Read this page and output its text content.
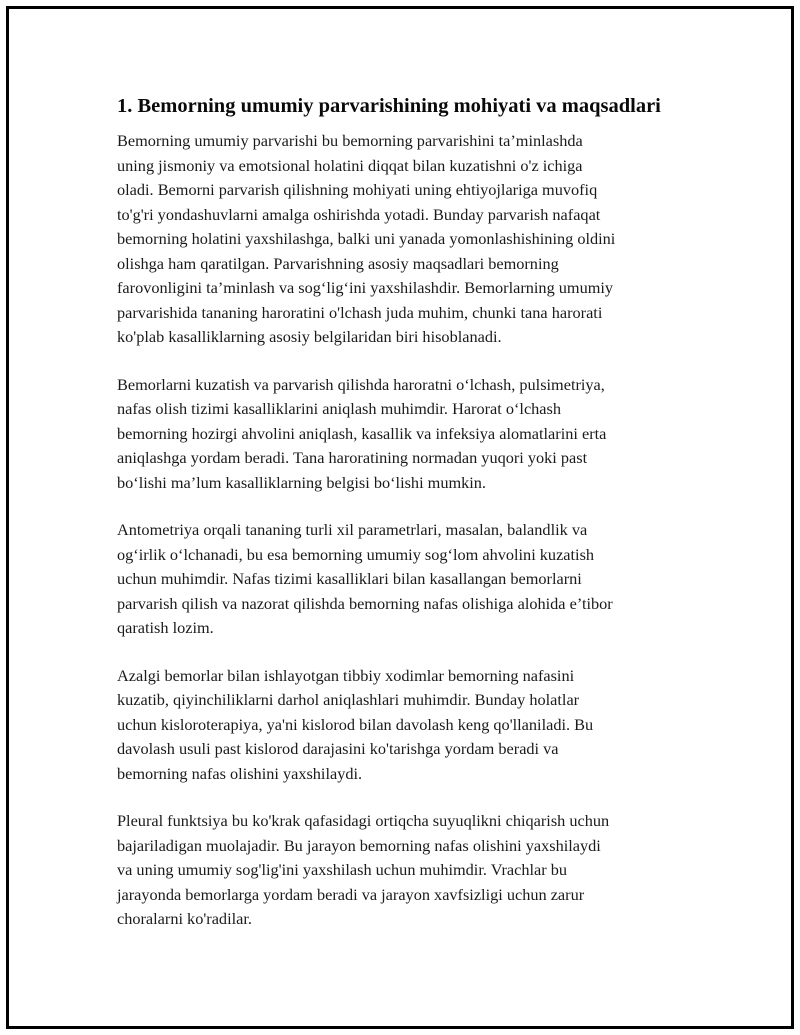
1. Bemorning umumiy parvarishining mohiyati va maqsadlari

Bemorning umumiy parvarishi bu bemorning parvarishini ta’minlashda
uning jismoniy va emotsional holatini diqqat bilan kuzatishni o'z ichiga
oladi. Bemorni parvarish qilishning mohiyati uning ehtiyojlariga muvofiq
to'g'ri yondashuvlarni amalga oshirishda yotadi. Bunday parvarish nafaqat
bemorning holatini yaxshilashga, balki uni yanada yomonlashishining oldini
olishga ham qaratilgan. Parvarishning asosiy maqsadlari bemorning
farovonligini ta’minlash va sog‘lig‘ini yaxshilashdir. Bemorlarning umumiy
parvarishida tananing haroratini o'lchash juda muhim, chunki tana harorati
ko'plab kasalliklarning asosiy belgilaridan biri hisoblanadi.

Bemorlarni kuzatish va parvarish qilishda haroratni o‘lchash, pulsimetriya,
nafas olish tizimi kasalliklarini aniqlash muhimdir. Harorat o‘lchash
bemorning hozirgi ahvolini aniqlash, kasallik va infeksiya alomatlarini erta
aniqlashga yordam beradi. Tana haroratining normadan yuqori yoki past
bo‘lishi ma’lum kasalliklarning belgisi bo‘lishi mumkin.

Antometriya orqali tananing turli xil parametrlari, masalan, balandlik va
og‘irlik o‘lchanadi, bu esa bemorning umumiy sog‘lom ahvolini kuzatish
uchun muhimdir. Nafas tizimi kasalliklari bilan kasallangan bemorlarni
parvarish qilish va nazorat qilishda bemorning nafas olishiga alohida e’tibor
qaratish lozim.

Azalgi bemorlar bilan ishlayotgan tibbiy xodimlar bemorning nafasini
kuzatib, qiyinchiliklarni darhol aniqlashlari muhimdir. Bunday holatlar
uchun kisloroterapiya, ya'ni kislorod bilan davolash keng qo'llaniladi. Bu
davolash usuli past kislorod darajasini ko'tarishga yordam beradi va
bemorning nafas olishini yaxshilaydi.

Pleural funktsiya bu ko'krak qafasidagi ortiqcha suyuqlikni chiqarish uchun
bajariladigan muolajadir. Bu jarayon bemorning nafas olishini yaxshilaydi
va uning umumiy sog'lig'ini yaxshilash uchun muhimdir. Vrachlar bu
jarayonda bemorlarga yordam beradi va jarayon xavfsizligi uchun zarur
choralarni ko'radilar.
